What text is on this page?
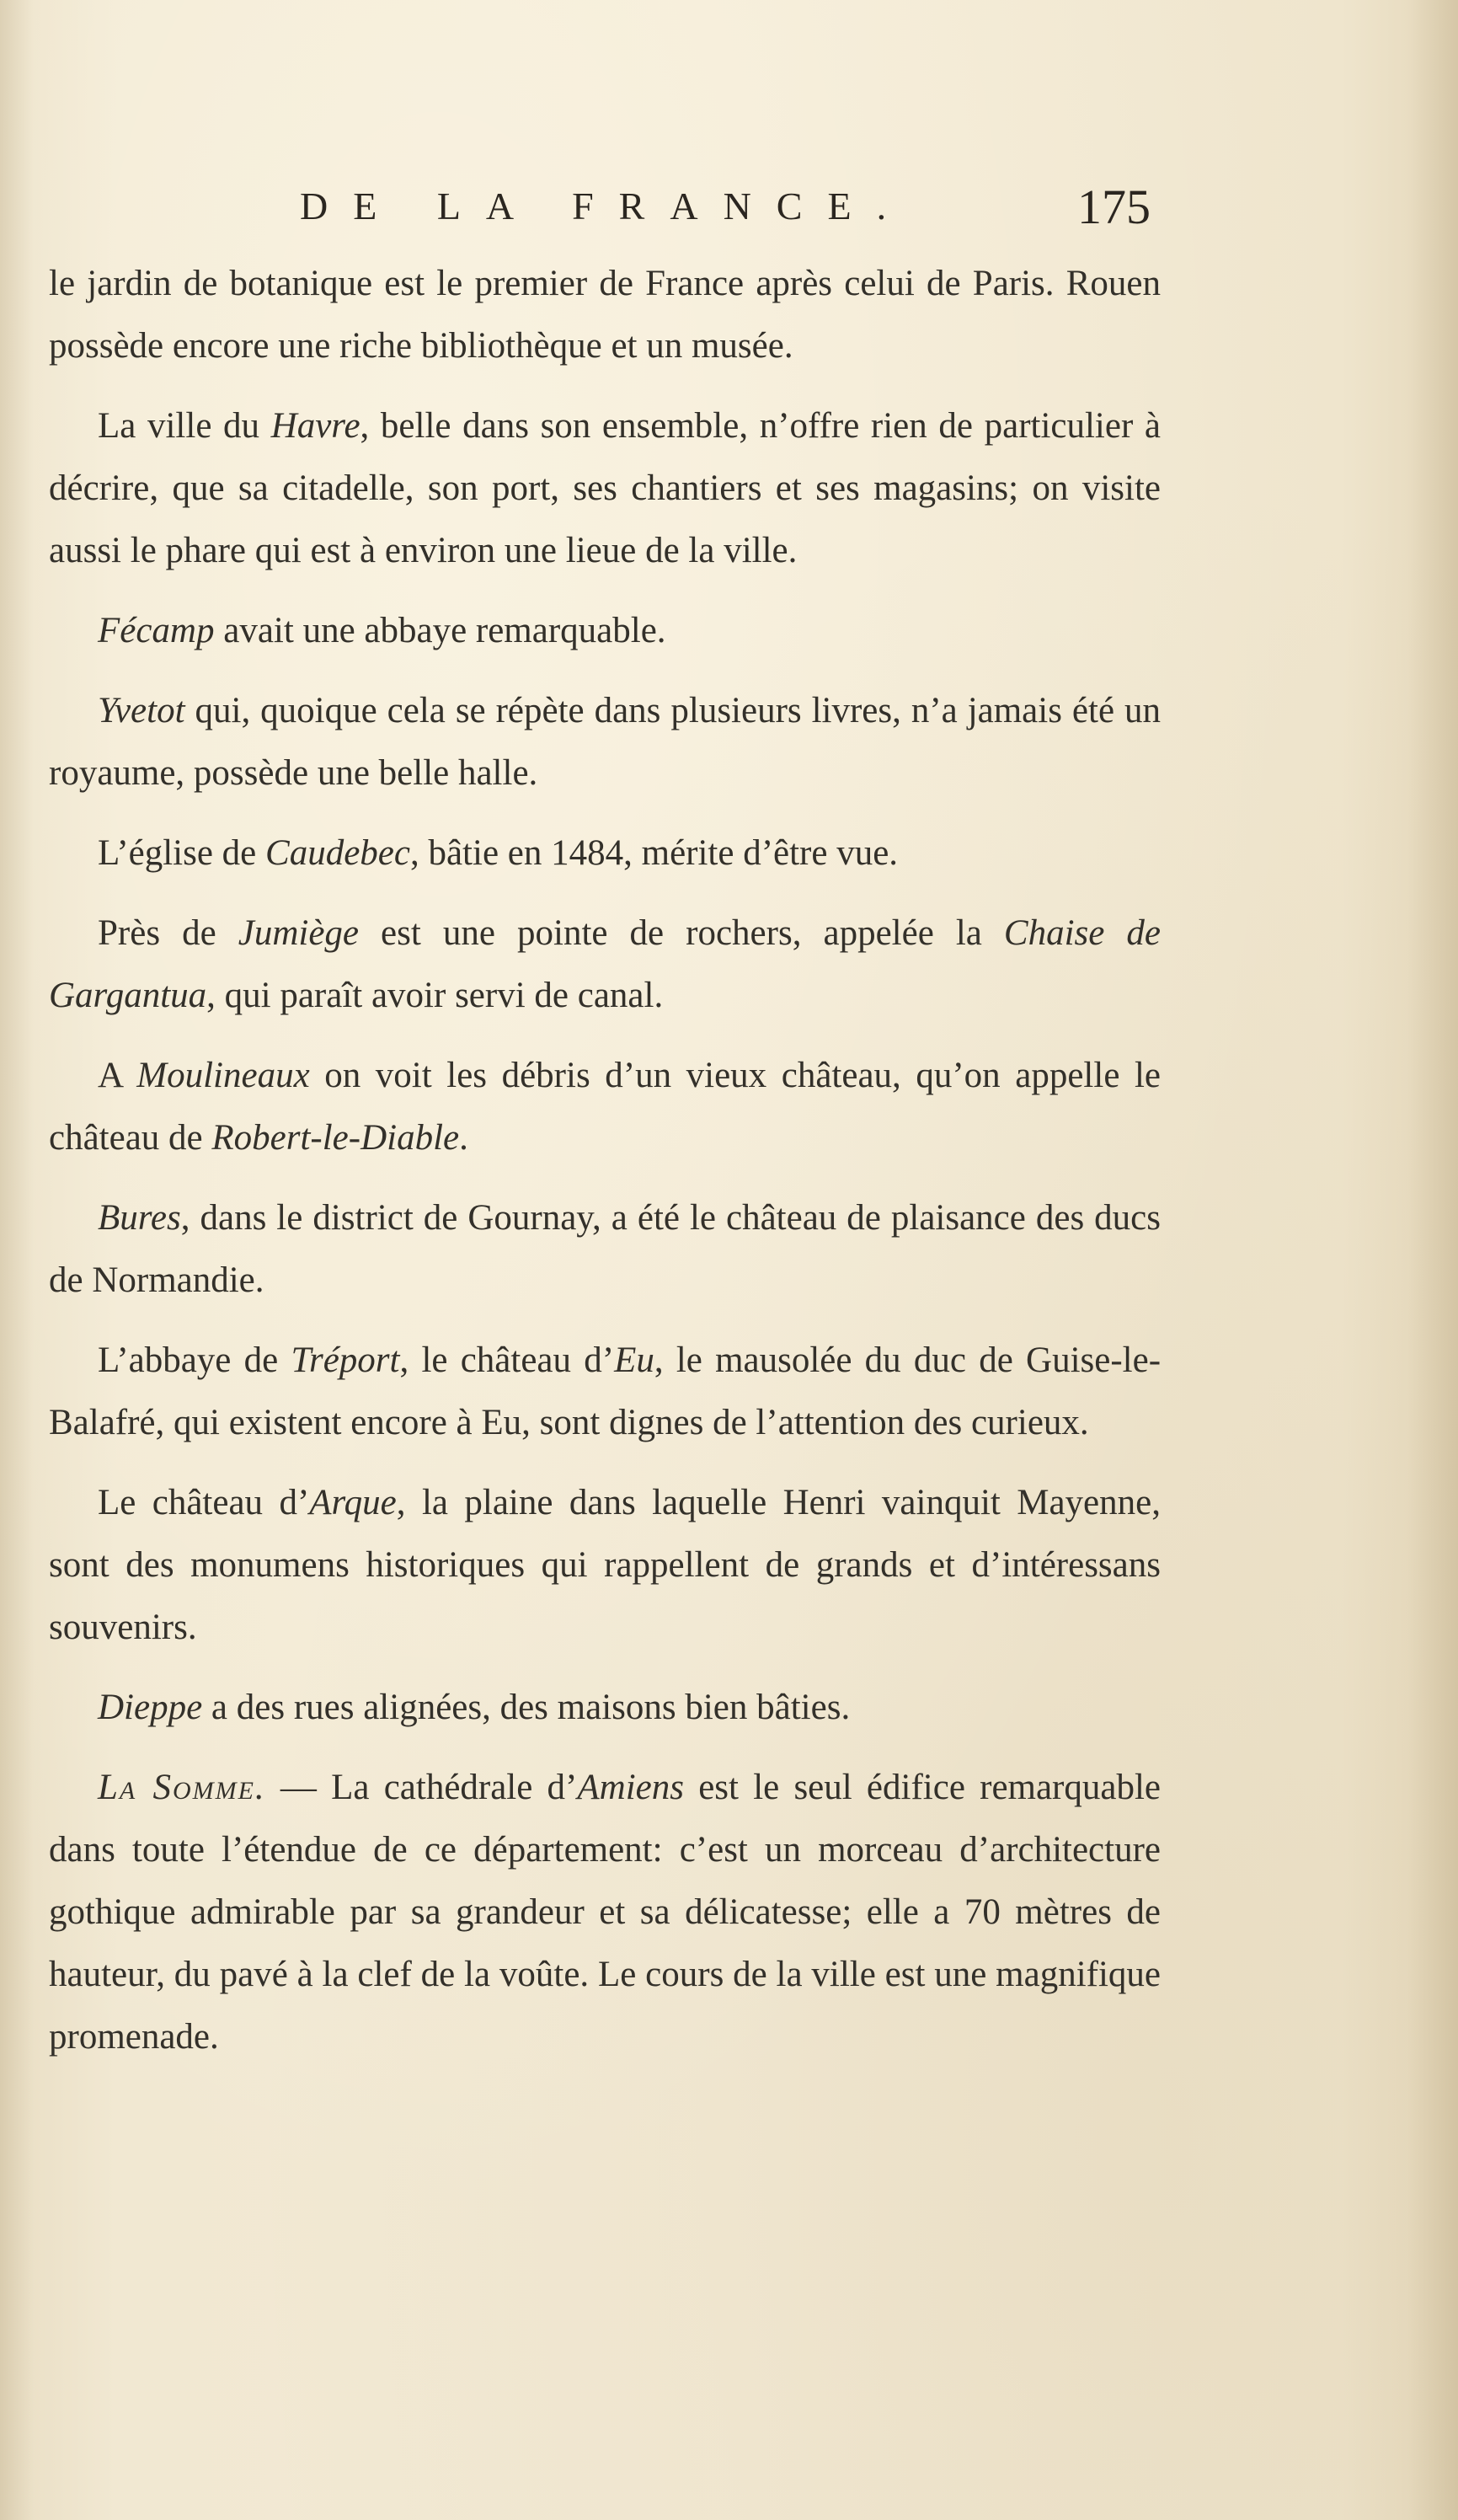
DE LA FRANCE.	175

le jardin de botanique est le premier de France après celui de Paris. Rouen possède encore une riche bibliothèque et un musée.

La ville du Havre, belle dans son ensemble, n’offre rien de particulier à décrire, que sa citadelle, son port, ses chantiers et ses magasins; on visite aussi le phare qui est à environ une lieue de la ville.

Fécamp avait une abbaye remarquable.

Yvetot qui, quoique cela se répète dans plusieurs livres, n’a jamais été un royaume, possède une belle halle.

L’église de Caudebec, bâtie en 1484, mérite d’être vue.

Près de Jumiège est une pointe de rochers, appelée la Chaise de Gargantua, qui paraît avoir servi de canal.

A Moulineaux on voit les débris d’un vieux château, qu’on appelle le château de Robert-le-Diable.

Bures, dans le district de Gournay, a été le château de plaisance des ducs de Normandie.

L’abbaye de Tréport, le château d’Eu, le mausolée du duc de Guise-le-Balafré, qui existent encore à Eu, sont dignes de l’attention des curieux.

Le château d’Arque, la plaine dans laquelle Henri vainquit Mayenne, sont des monumens historiques qui rappellent de grands et d’intéressans souvenirs.

Dieppe a des rues alignées, des maisons bien bâties.

La Somme. — La cathédrale d’Amiens est le seul édifice remarquable dans toute l’étendue de ce département: c’est un morceau d’architecture gothique admirable par sa grandeur et sa délicatesse; elle a 70 mètres de hauteur, du pavé à la clef de la voûte. Le cours de la ville est une magnifique promenade.
